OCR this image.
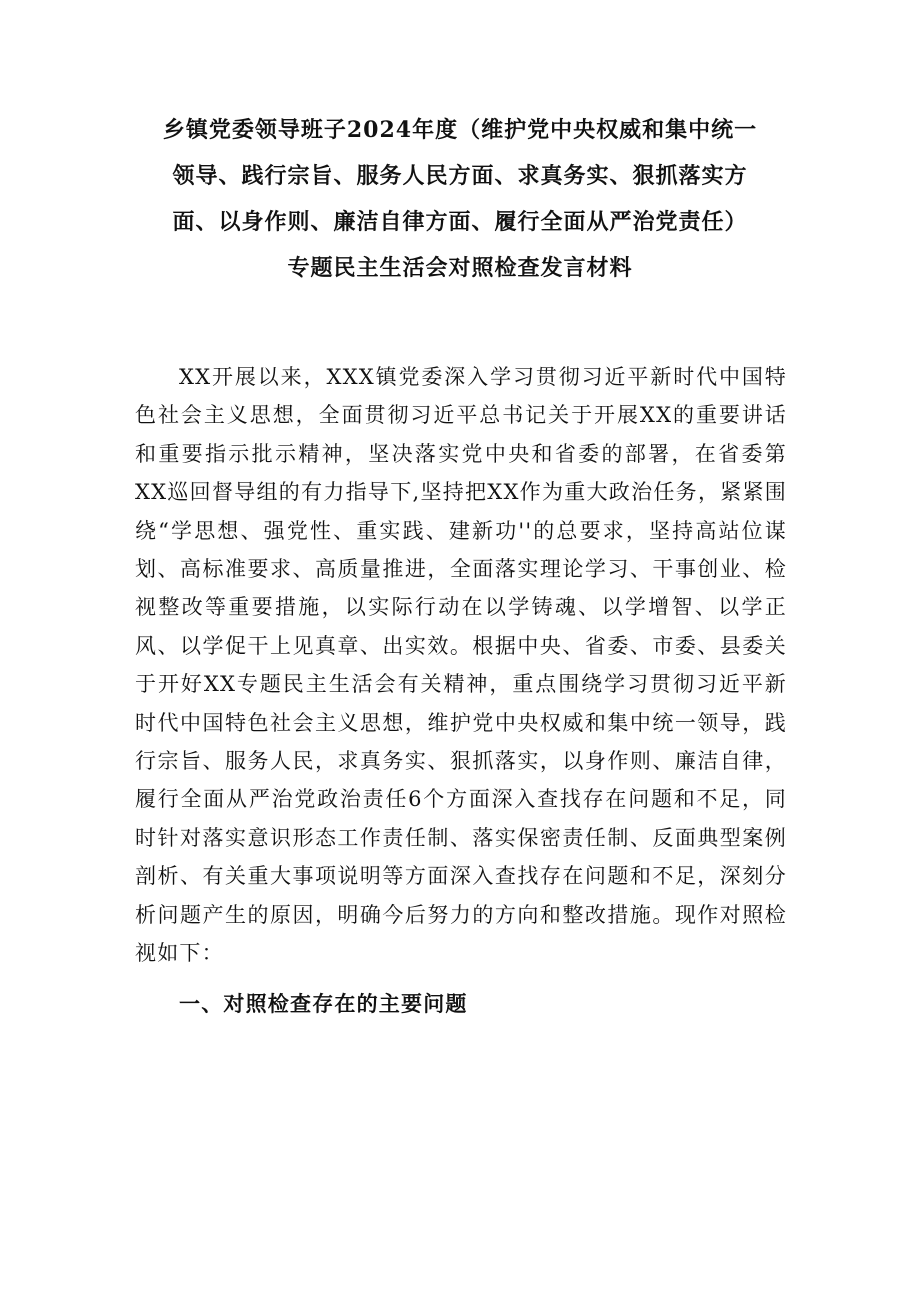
乡镇党委领导班子2024年度（维护党中央权威和集中统一
领导、践行宗旨、服务人民方面、求真务实、狠抓落实方
面、以身作则、廉洁自律方面、履行全面从严治党责任）
专题民主生活会对照检查发言材料

XX开展以来，XXX镇党委深入学习贯彻习近平新时代中国特色社会主义思想，全面贯彻习近平总书记关于开展XX的重要讲话和重要指示批示精神，坚决落实党中央和省委的部署，在省委第XX巡回督导组的有力指导下,坚持把XX作为重大政治任务，紧紧围绕“学思想、强党性、重实践、建新功''的总要求，坚持高站位谋划、高标准要求、高质量推进，全面落实理论学习、干事创业、检视整改等重要措施，以实际行动在以学铸魂、以学增智、以学正风、以学促干上见真章、出实效。根据中央、省委、市委、县委关于开好XX专题民主生活会有关精神，重点围绕学习贯彻习近平新时代中国特色社会主义思想，维护党中央权威和集中统一领导，践行宗旨、服务人民，求真务实、狠抓落实，以身作则、廉洁自律，履行全面从严治党政治责任6个方面深入查找存在问题和不足，同时针对落实意识形态工作责任制、落实保密责任制、反面典型案例剖析、有关重大事项说明等方面深入查找存在问题和不足，深刻分析问题产生的原因，明确今后努力的方向和整改措施。现作对照检视如下：

一、对照检查存在的主要问题
